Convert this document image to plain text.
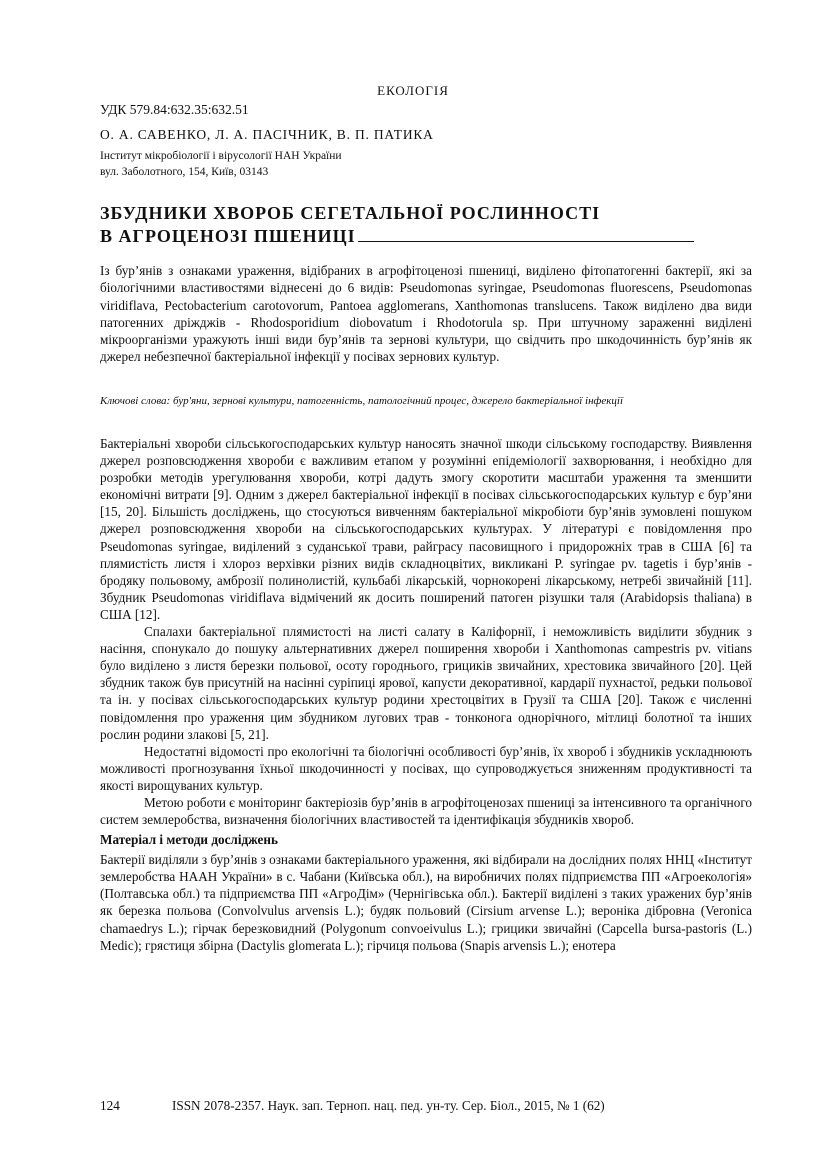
ЕКОЛОГІЯ
УДК 579.84:632.35:632.51
О. А. САВЕНКО, Л. А. ПАСІЧНИК, В. П. ПАТИКА
Інститут мікробіології і вірусології НАН України
вул. Заболотного, 154, Київ, 03143
ЗБУДНИКИ ХВОРОБ СЕГЕТАЛЬНОЇ РОСЛИННОСТІ
В АГРОЦЕНОЗІ ПШЕНИЦІ
Із бур’янів з ознаками ураження, відібраних в агрофітоценозі пшениці, виділено фітопатогенні бактерії, які за біологічними властивостями віднесені до 6 видів: Pseudomonas syringae, Pseudomonas fluorescens, Pseudomonas viridiflava, Pectobacterium carotovorum, Pantoea agglomerans, Xanthomonas translucens. Також виділено два види патогенних дріжджів - Rhodosporidium diobovatum і Rhodotorula sp. При штучному зараженні виділені мікроорганізми уражують інші види бур’янів та зернові культури, що свідчить про шкодочинність бур’янів як джерел небезпечної бактеріальної інфекції у посівах зернових культур.
Ключові слова: бур'яни, зернові культури, патогенність, патологічний процес, джерело бактеріальної інфекції

Бактеріальні хвороби сільськогосподарських культур наносять значної шкоди сільському господарству. Виявлення джерел розповсюдження хвороби є важливим етапом у розумінні епідеміології захворювання, і необхідно для розробки методів урегулювання хвороби, котрі дадуть змогу скоротити масштаби ураження та зменшити економічні витрати [9]. Одним з джерел бактеріальної інфекції в посівах сільськогосподарських культур є бур’яни [15, 20]. Більшість досліджень, що стосуються вивченням бактеріальної мікробіоти бур’янів зумовлені пошуком джерел розповсюдження хвороби на сільськогосподарських культурах. У літературі є повідомлення про Pseudomonas syringae, виділений з суданської трави, райграсу пасовищного і придорожніх трав в США [6] та плямистість листя і хлороз верхівки різних видів складноцвітих, викликані P. syringae pv. tagetis і бур’янів - бродяку польовому, амброзії полинолистій, кульбабі лікарській, чорнокорені лікарському, нетребі звичайній [11]. Збудник Pseudomonas viridiflava відмічений як досить поширений патоген різушки таля (Arabidopsis thaliana) в США [12].

Спалахи бактеріальної плямистості на листі салату в Каліфорнії, і неможливість виділити збудник з насіння, спонукало до пошуку альтернативних джерел поширення хвороби і Xanthomonas campestris pv. vitians було виділено з листя березки польової, осоту городнього, грициків звичайних, хрестовика звичайного [20]. Цей збудник також був присутній на насінні суріпиці ярової, капусти декоративної, кардарії пухнастої, редьки польової та ін. у посівах сільськогосподарських культур родини хрестоцвітих в Грузії та США [20]. Також є численні повідомлення про ураження цим збудником лугових трав - тонконога однорічного, мітлиці болотної та інших рослин родини злакові [5, 21].

Недостатні відомості про екологічні та біологічні особливості бур’янів, їх хвороб і збудників ускладнюють можливості прогнозування їхньої шкодочинності у посівах, що супроводжується зниженням продуктивності та якості вирощуваних культур.

Метою роботи є моніторинг бактеріозів бур’янів в агрофітоценозах пшениці за інтенсивного та органічного систем землеробства, визначення біологічних властивостей та ідентифікація збудників хвороб.

Матеріал і методи досліджень

Бактерії виділяли з бур’янів з ознаками бактеріального ураження, які відбирали на дослідних полях ННЦ «Інститут землеробства НААН України» в с. Чабани (Київська обл.), на виробничих полях підприємства ПП «Агроекологія» (Полтавська обл.) та підприємства ПП «АгроДім» (Чернігівська обл.). Бактерії виділені з таких уражених бур’янів як березка польова (Convolvulus arvensis L.); будяк польовий (Cirsium arvense L.); вероніка дібровна (Veronica chamaedrys L.); гірчак березковидний (Polygonum convoeivulus L.); грицики звичайні (Capcella bursa-pastoris (L.) Medic); грястиця збірна (Dactylis glomerata L.); гірчиця польова (Snapis arvensis L.); енотера

124	ISSN 2078-2357. Наук. зап. Терноп. нац. пед. ун-ту. Сер. Біол., 2015, № 1 (62)
